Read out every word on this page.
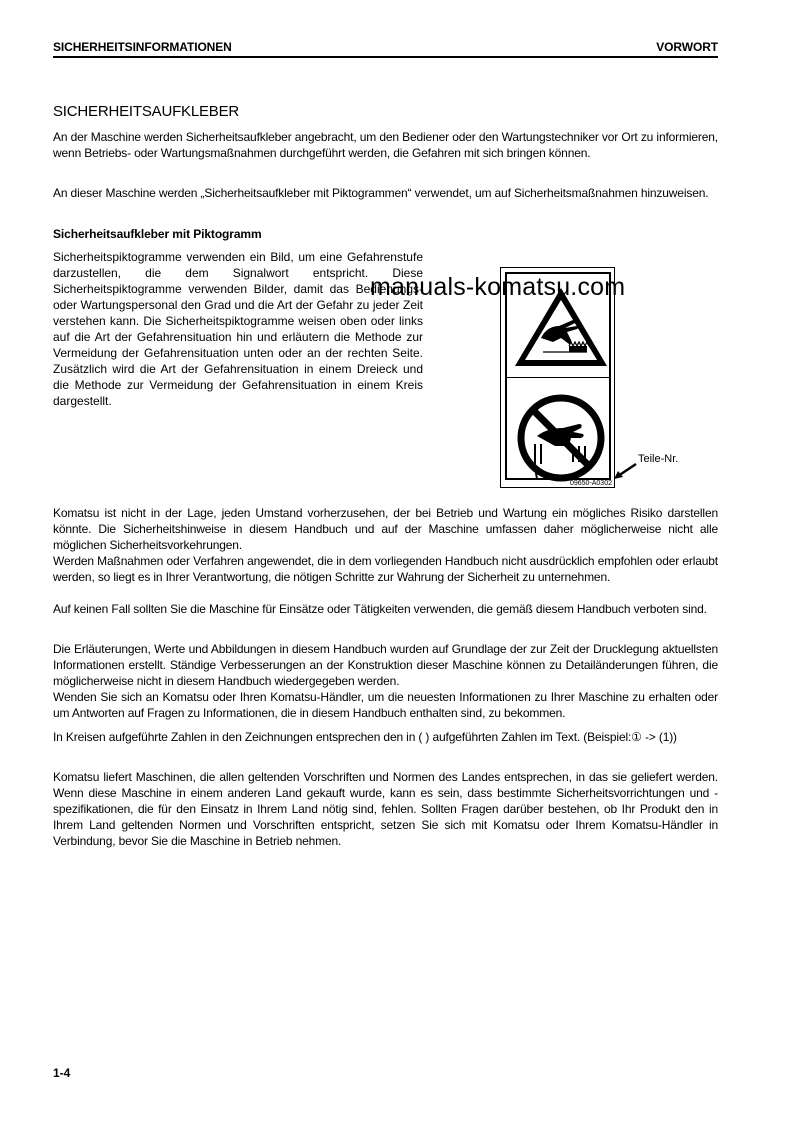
SICHERHEITSINFORMATIONEN	VORWORT
SICHERHEITSAUFKLEBER
An der Maschine werden Sicherheitsaufkleber angebracht, um den Bediener oder den Wartungstechniker vor Ort zu informieren, wenn Betriebs- oder Wartungsmaßnahmen durchgeführt werden, die Gefahren mit sich bringen können.
An dieser Maschine werden „Sicherheitsaufkleber mit Piktogrammen“ verwendet, um auf Sicherheitsmaßnahmen hinzuweisen.
Sicherheitsaufkleber mit Piktogramm
Sicherheitspiktogramme verwenden ein Bild, um eine Gefahrenstufe darzustellen, die dem Signalwort entspricht. Diese Sicherheitspiktogramme verwenden Bilder, damit das Bedienungs- oder Wartungspersonal den Grad und die Art der Gefahr zu jeder Zeit verstehen kann. Die Sicherheitspiktogramme weisen oben oder links auf die Art der Gefahrensituation hin und erläutern die Methode zur Vermeidung der Gefahrensituation unten oder an der rechten Seite. Zusätzlich wird die Art der Gefahrensituation in einem Dreieck und die Methode zur Vermeidung der Gefahrensituation in einem Kreis dargestellt.
09650-A0302
Teile-Nr.
manuals-komatsu.com
Komatsu ist nicht in der Lage, jeden Umstand vorherzusehen, der bei Betrieb und Wartung ein mögliches Risiko darstellen könnte. Die Sicherheitshinweise in diesem Handbuch und auf der Maschine umfassen daher möglicherweise nicht alle möglichen Sicherheitsvorkehrungen.
Werden Maßnahmen oder Verfahren angewendet, die in dem vorliegenden Handbuch nicht ausdrücklich empfohlen oder erlaubt werden, so liegt es in Ihrer Verantwortung, die nötigen Schritte zur Wahrung der Sicherheit zu unternehmen.
Auf keinen Fall sollten Sie die Maschine für Einsätze oder Tätigkeiten verwenden, die gemäß diesem Handbuch verboten sind.
Die Erläuterungen, Werte und Abbildungen in diesem Handbuch wurden auf Grundlage der zur Zeit der Drucklegung aktuellsten Informationen erstellt. Ständige Verbesserungen an der Konstruktion dieser Maschine können zu Detailänderungen führen, die möglicherweise nicht in diesem Handbuch wiedergegeben werden.
Wenden Sie sich an Komatsu oder Ihren Komatsu-Händler, um die neuesten Informationen zu Ihrer Maschine zu erhalten oder um Antworten auf Fragen zu Informationen, die in diesem Handbuch enthalten sind, zu bekommen.
In Kreisen aufgeführte Zahlen in den Zeichnungen entsprechen den in ( ) aufgeführten Zahlen im Text. (Beispiel:① -> (1))
Komatsu liefert Maschinen, die allen geltenden Vorschriften und Normen des Landes entsprechen, in das sie geliefert werden. Wenn diese Maschine in einem anderen Land gekauft wurde, kann es sein, dass bestimmte Sicherheitsvorrichtungen und -spezifikationen, die für den Einsatz in Ihrem Land nötig sind, fehlen. Sollten Fragen darüber bestehen, ob Ihr Produkt den in Ihrem Land geltenden Normen und Vorschriften entspricht, setzen Sie sich mit Komatsu oder Ihrem Komatsu-Händler in Verbindung, bevor Sie die Maschine in Betrieb nehmen.
1-4
